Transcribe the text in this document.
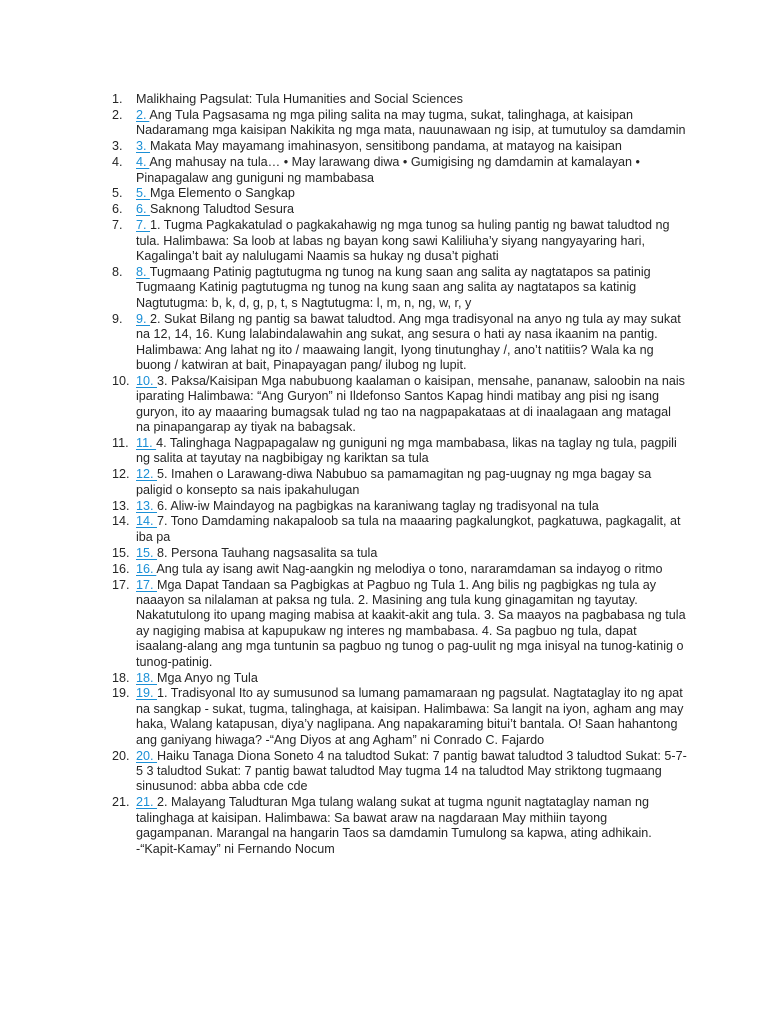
1.	Malikhaing Pagsulat: Tula Humanities and Social Sciences
2.	2. Ang Tula Pagsasama ng mga piling salita na may tugma, sukat, talinghaga, at kaisipan Nadaramang mga kaisipan Nakikita ng mga mata, nauunawaan ng isip, at tumutuloy sa damdamin
3.	3. Makata May mayamang imahinasyon, sensitibong pandama, at matayog na kaisipan
4.	4. Ang mahusay na tula… • May larawang diwa • Gumigising ng damdamin at kamalayan • Pinapagalaw ang guniguni ng mambabasa
5.	5. Mga Elemento o Sangkap
6.	6. Saknong Taludtod Sesura
7.	7. 1. Tugma Pagkakatulad o pagkakahawig ng mga tunog sa huling pantig ng bawat taludtod ng tula. Halimbawa: Sa loob at labas ng bayan kong sawi Kaliliuha’y siyang nangyayaring hari, Kagalinga’t bait ay nalulugami Naamis sa hukay ng dusa’t pighati
8.	8. Tugmaang Patinig pagtutugma ng tunog na kung saan ang salita ay nagtatapos sa patinig Tugmaang Katinig pagtutugma ng tunog na kung saan ang salita ay nagtatapos sa katinig Nagtutugma: b, k, d, g, p, t, s Nagtutugma: l, m, n, ng, w, r, y
9.	9. 2. Sukat Bilang ng pantig sa bawat taludtod. Ang mga tradisyonal na anyo ng tula ay may sukat na 12, 14, 16. Kung lalabindalawahin ang sukat, ang sesura o hati ay nasa ikaanim na pantig. Halimbawa: Ang lahat ng ito / maawaing langit, Iyong tinutunghay /, ano’t natitiis? Wala ka ng buong / katwiran at bait, Pinapayagan pang/ ilubog ng lupit.
10. 10. 3. Paksa/Kaisipan Mga nabubuong kaalaman o kaisipan, mensahe, pananaw, saloobin na nais iparating Halimbawa: “Ang Guryon” ni Ildefonso Santos Kapag hindi matibay ang pisi ng isang guryon, ito ay maaaring bumagsak tulad ng tao na nagpapakataas at di inaalagaan ang matagal na pinapangarap ay tiyak na babagsak.
11. 11. 4. Talinghaga Nagpapagalaw ng guniguni ng mga mambabasa, likas na taglay ng tula, pagpili ng salita at tayutay na nagbibigay ng kariktan sa tula
12. 12. 5. Imahen o Larawang-diwa Nabubuo sa pamamagitan ng pag-uugnay ng mga bagay sa paligid o konsepto sa nais ipakahulugan
13. 13. 6. Aliw-iw Maindayog na pagbigkas na karaniwang taglay ng tradisyonal na tula
14. 14. 7. Tono Damdaming nakapaloob sa tula na maaaring pagkalungkot, pagkatuwa, pagkagalit, at iba pa
15. 15. 8. Persona Tauhang nagsasalita sa tula
16. 16. Ang tula ay isang awit Nag-aangkin ng melodiya o tono, nararamdaman sa indayog o ritmo
17. 17. Mga Dapat Tandaan sa Pagbigkas at Pagbuo ng Tula 1. Ang bilis ng pagbigkas ng tula ay naaayon sa nilalaman at paksa ng tula. 2. Masining ang tula kung ginagamitan ng tayutay. Nakatutulong ito upang maging mabisa at kaakit-akit ang tula. 3. Sa maayos na pagbabasa ng tula ay nagiging mabisa at kapupukaw ng interes ng mambabasa. 4. Sa pagbuo ng tula, dapat isaalang-alang ang mga tuntunin sa pagbuo ng tunog o pag-uulit ng mga inisyal na tunog-katinig o tunog-patinig.
18. 18. Mga Anyo ng Tula
19. 19. 1. Tradisyonal Ito ay sumusunod sa lumang pamamaraan ng pagsulat. Nagtataglay ito ng apat na sangkap - sukat, tugma, talinghaga, at kaisipan. Halimbawa: Sa langit na iyon, agham ang may haka, Walang katapusan, diya’y naglipana. Ang napakaraming bitui’t bantala. O! Saan hahantong ang ganiyang hiwaga? -“Ang Diyos at ang Agham” ni Conrado C. Fajardo
20. 20. Haiku Tanaga Diona Soneto 4 na taludtod Sukat: 7 pantig bawat taludtod 3 taludtod Sukat: 5-7-5 3 taludtod Sukat: 7 pantig bawat taludtod May tugma 14 na taludtod May striktong tugmaang sinusunod: abba abba cde cde
21. 21. 2. Malayang Taludturan Mga tulang walang sukat at tugma ngunit nagtataglay naman ng talinghaga at kaisipan. Halimbawa: Sa bawat araw na nagdaraan May mithiin tayong gagampanan. Marangal na hangarin Taos sa damdamin Tumulong sa kapwa, ating adhikain. -“Kapit-Kamay” ni Fernando Nocum
